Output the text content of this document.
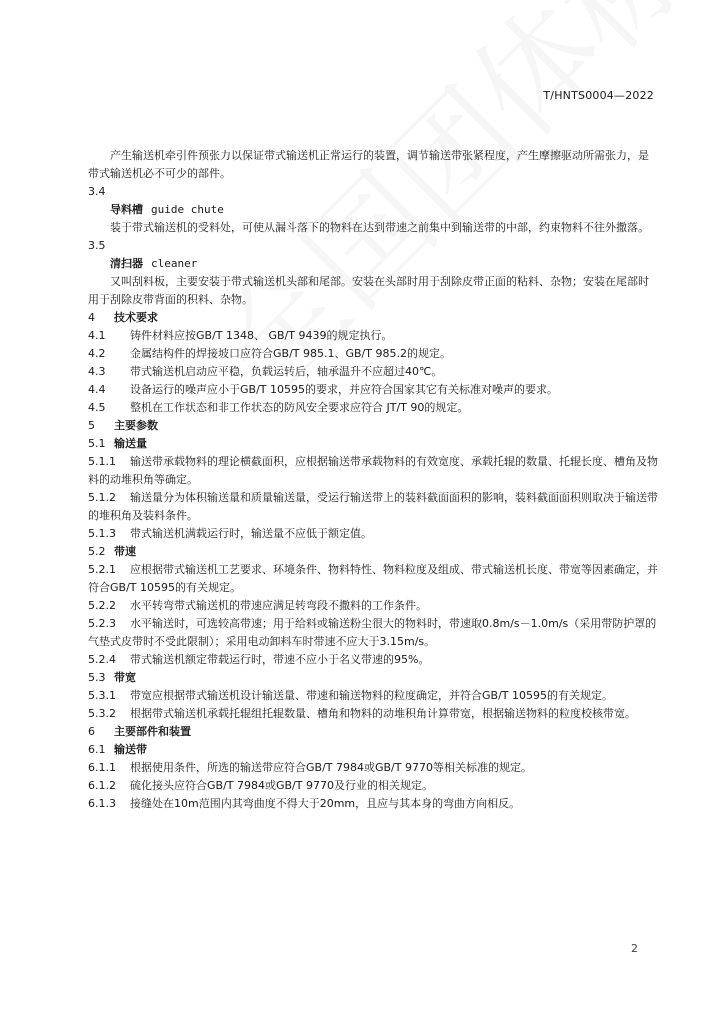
T/HNTS0004—2022

产生输送机牵引件预张力以保证带式输送机正常运行的装置，调节输送带张紧程度，产生摩擦驱动所需张力，是带式输送机必不可少的部件。

3.4

导料槽 guide chute

装于带式输送机的受料处，可使从漏斗落下的物料在达到带速之前集中到输送带的中部，约束物料不往外撒落。

3.5

清扫器 cleaner

又叫刮料板，主要安装于带式输送机头部和尾部。安装在头部时用于刮除皮带正面的粘料、杂物；安装在尾部时用于刮除皮带背面的积料、杂物。

4 技术要求

4.1 铸件材料应按GB/T 1348、 GB/T 9439的规定执行。

4.2 金属结构件的焊接坡口应符合GB/T 985.1、GB/T 985.2的规定。

4.3 带式输送机启动应平稳，负载运转后，轴承温升不应超过40℃。

4.4 设备运行的噪声应小于GB/T 10595的要求，并应符合国家其它有关标准对噪声的要求。

4.5 整机在工作状态和非工作状态的防风安全要求应符合 JT/T 90的规定。

5 主要参数

5.1 输送量

5.1.1 输送带承载物料的理论横截面积，应根据输送带承载物料的有效宽度、承载托辊的数量、托辊长度、槽角及物料的动堆积角等确定。

5.1.2 输送量分为体积输送量和质量输送量，受运行输送带上的装料截面面积的影响，装料截面面积则取决于输送带的堆积角及装料条件。

5.1.3 带式输送机满载运行时，输送量不应低于额定值。

5.2 带速

5.2.1 应根据带式输送机工艺要求、环境条件、物料特性、物料粒度及组成、带式输送机长度、带宽等因素确定，并符合GB/T 10595的有关规定。

5.2.2 水平转弯带式输送机的带速应满足转弯段不撒料的工作条件。

5.2.3 水平输送时，可选较高带速；用于给料或输送粉尘很大的物料时，带速取0.8m/s－1.0m/s（采用带防护罩的气垫式皮带时不受此限制）；采用电动卸料车时带速不应大于3.15m/s。

5.2.4 带式输送机额定带载运行时，带速不应小于名义带速的95%。

5.3 带宽

5.3.1 带宽应根据带式输送机设计输送量、带速和输送物料的粒度确定，并符合GB/T 10595的有关规定。

5.3.2 根据带式输送机承载托辊组托辊数量、槽角和物料的动堆积角计算带宽，根据输送物料的粒度校核带宽。

6 主要部件和装置

6.1 输送带

6.1.1 根据使用条件，所选的输送带应符合GB/T 7984或GB/T 9770等相关标准的规定。

6.1.2 硫化接头应符合GB/T 7984或GB/T 9770及行业的相关规定。

6.1.3 接缝处在10m范围内其弯曲度不得大于20mm，且应与其本身的弯曲方向相反。

2
